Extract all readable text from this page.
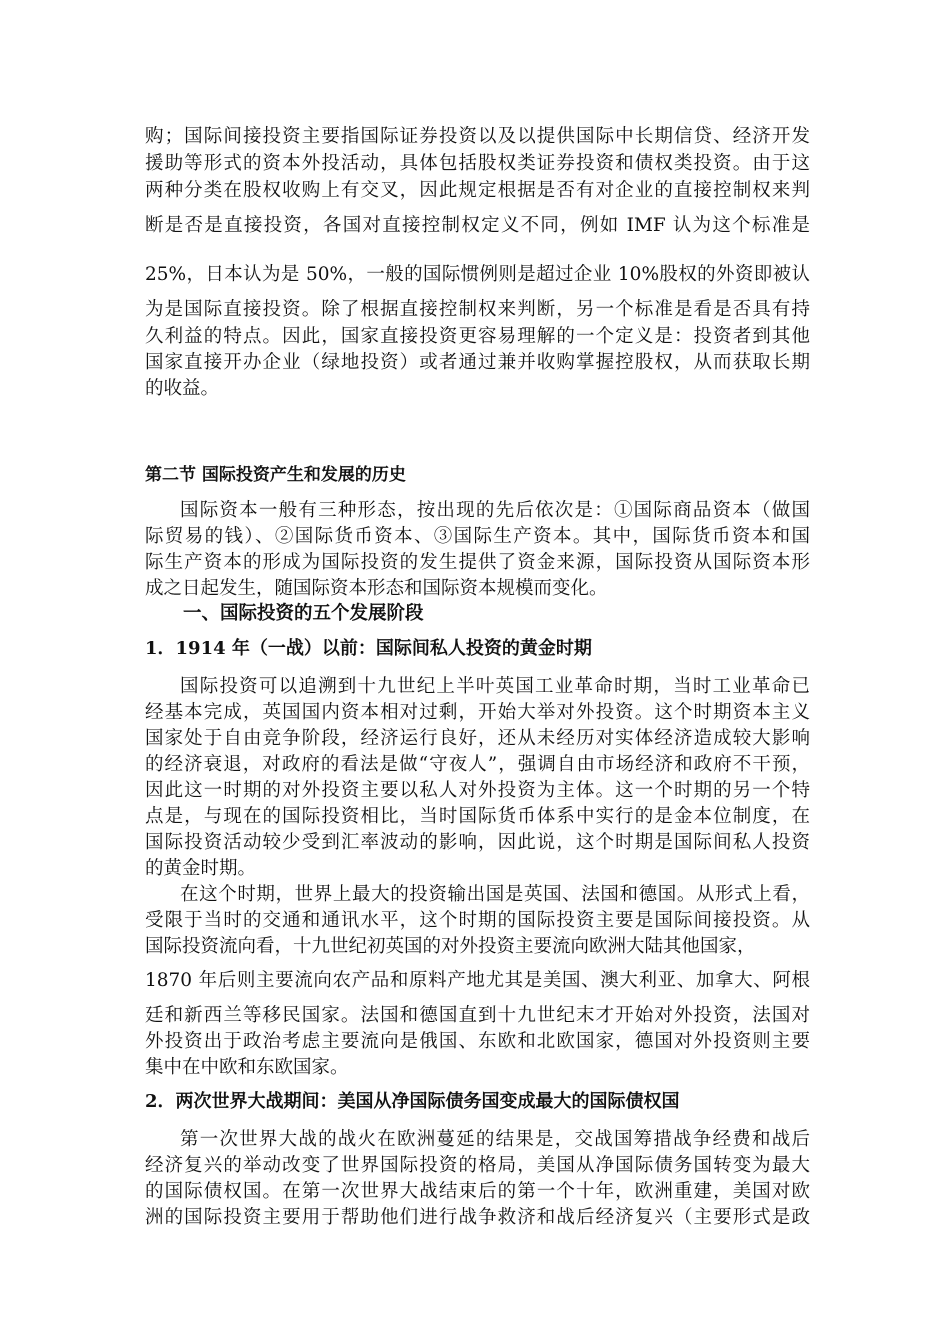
购；国际间接投资主要指国际证券投资以及以提供国际中长期信贷、经济开发
援助等形式的资本外投活动，具体包括股权类证券投资和债权类投资。由于这
两种分类在股权收购上有交叉，因此规定根据是否有对企业的直接控制权来判
断是否是直接投资，各国对直接控制权定义不同，例如 IMF 认为这个标准是
25%，日本认为是 50%，一般的国际惯例则是超过企业 10%股权的外资即被认
为是国际直接投资。除了根据直接控制权来判断，另一个标准是看是否具有持
久利益的特点。因此，国家直接投资更容易理解的一个定义是：投资者到其他
国家直接开办企业（绿地投资）或者通过兼并收购掌握控股权，从而获取长期
的收益。
第二节 国际投资产生和发展的历史
国际资本一般有三种形态，按出现的先后依次是：①国际商品资本（做国
际贸易的钱）、②国际货币资本、③国际生产资本。其中，国际货币资本和国
际生产资本的形成为国际投资的发生提供了资金来源，国际投资从国际资本形
成之日起发生，随国际资本形态和国际资本规模而变化。
一、国际投资的五个发展阶段
1．1914 年（一战）以前：国际间私人投资的黄金时期
国际投资可以追溯到十九世纪上半叶英国工业革命时期，当时工业革命已
经基本完成，英国国内资本相对过剩，开始大举对外投资。这个时期资本主义
国家处于自由竞争阶段，经济运行良好，还从未经历对实体经济造成较大影响
的经济衰退，对政府的看法是做“守夜人”，强调自由市场经济和政府不干预，
因此这一时期的对外投资主要以私人对外投资为主体。这一个时期的另一个特
点是，与现在的国际投资相比，当时国际货币体系中实行的是金本位制度，在
国际投资活动较少受到汇率波动的影响，因此说，这个时期是国际间私人投资
的黄金时期。
在这个时期，世界上最大的投资输出国是英国、法国和德国。从形式上看，
受限于当时的交通和通讯水平，这个时期的国际投资主要是国际间接投资。从
国际投资流向看，十九世纪初英国的对外投资主要流向欧洲大陆其他国家，
1870 年后则主要流向农产品和原料产地尤其是美国、澳大利亚、加拿大、阿根
廷和新西兰等移民国家。法国和德国直到十九世纪末才开始对外投资，法国对
外投资出于政治考虑主要流向是俄国、东欧和北欧国家，德国对外投资则主要
集中在中欧和东欧国家。
2．两次世界大战期间：美国从净国际债务国变成最大的国际债权国
第一次世界大战的战火在欧洲蔓延的结果是，交战国筹措战争经费和战后
经济复兴的举动改变了世界国际投资的格局，美国从净国际债务国转变为最大
的国际债权国。在第一次世界大战结束后的第一个十年，欧洲重建，美国对欧
洲的国际投资主要用于帮助他们进行战争救济和战后经济复兴（主要形式是政
